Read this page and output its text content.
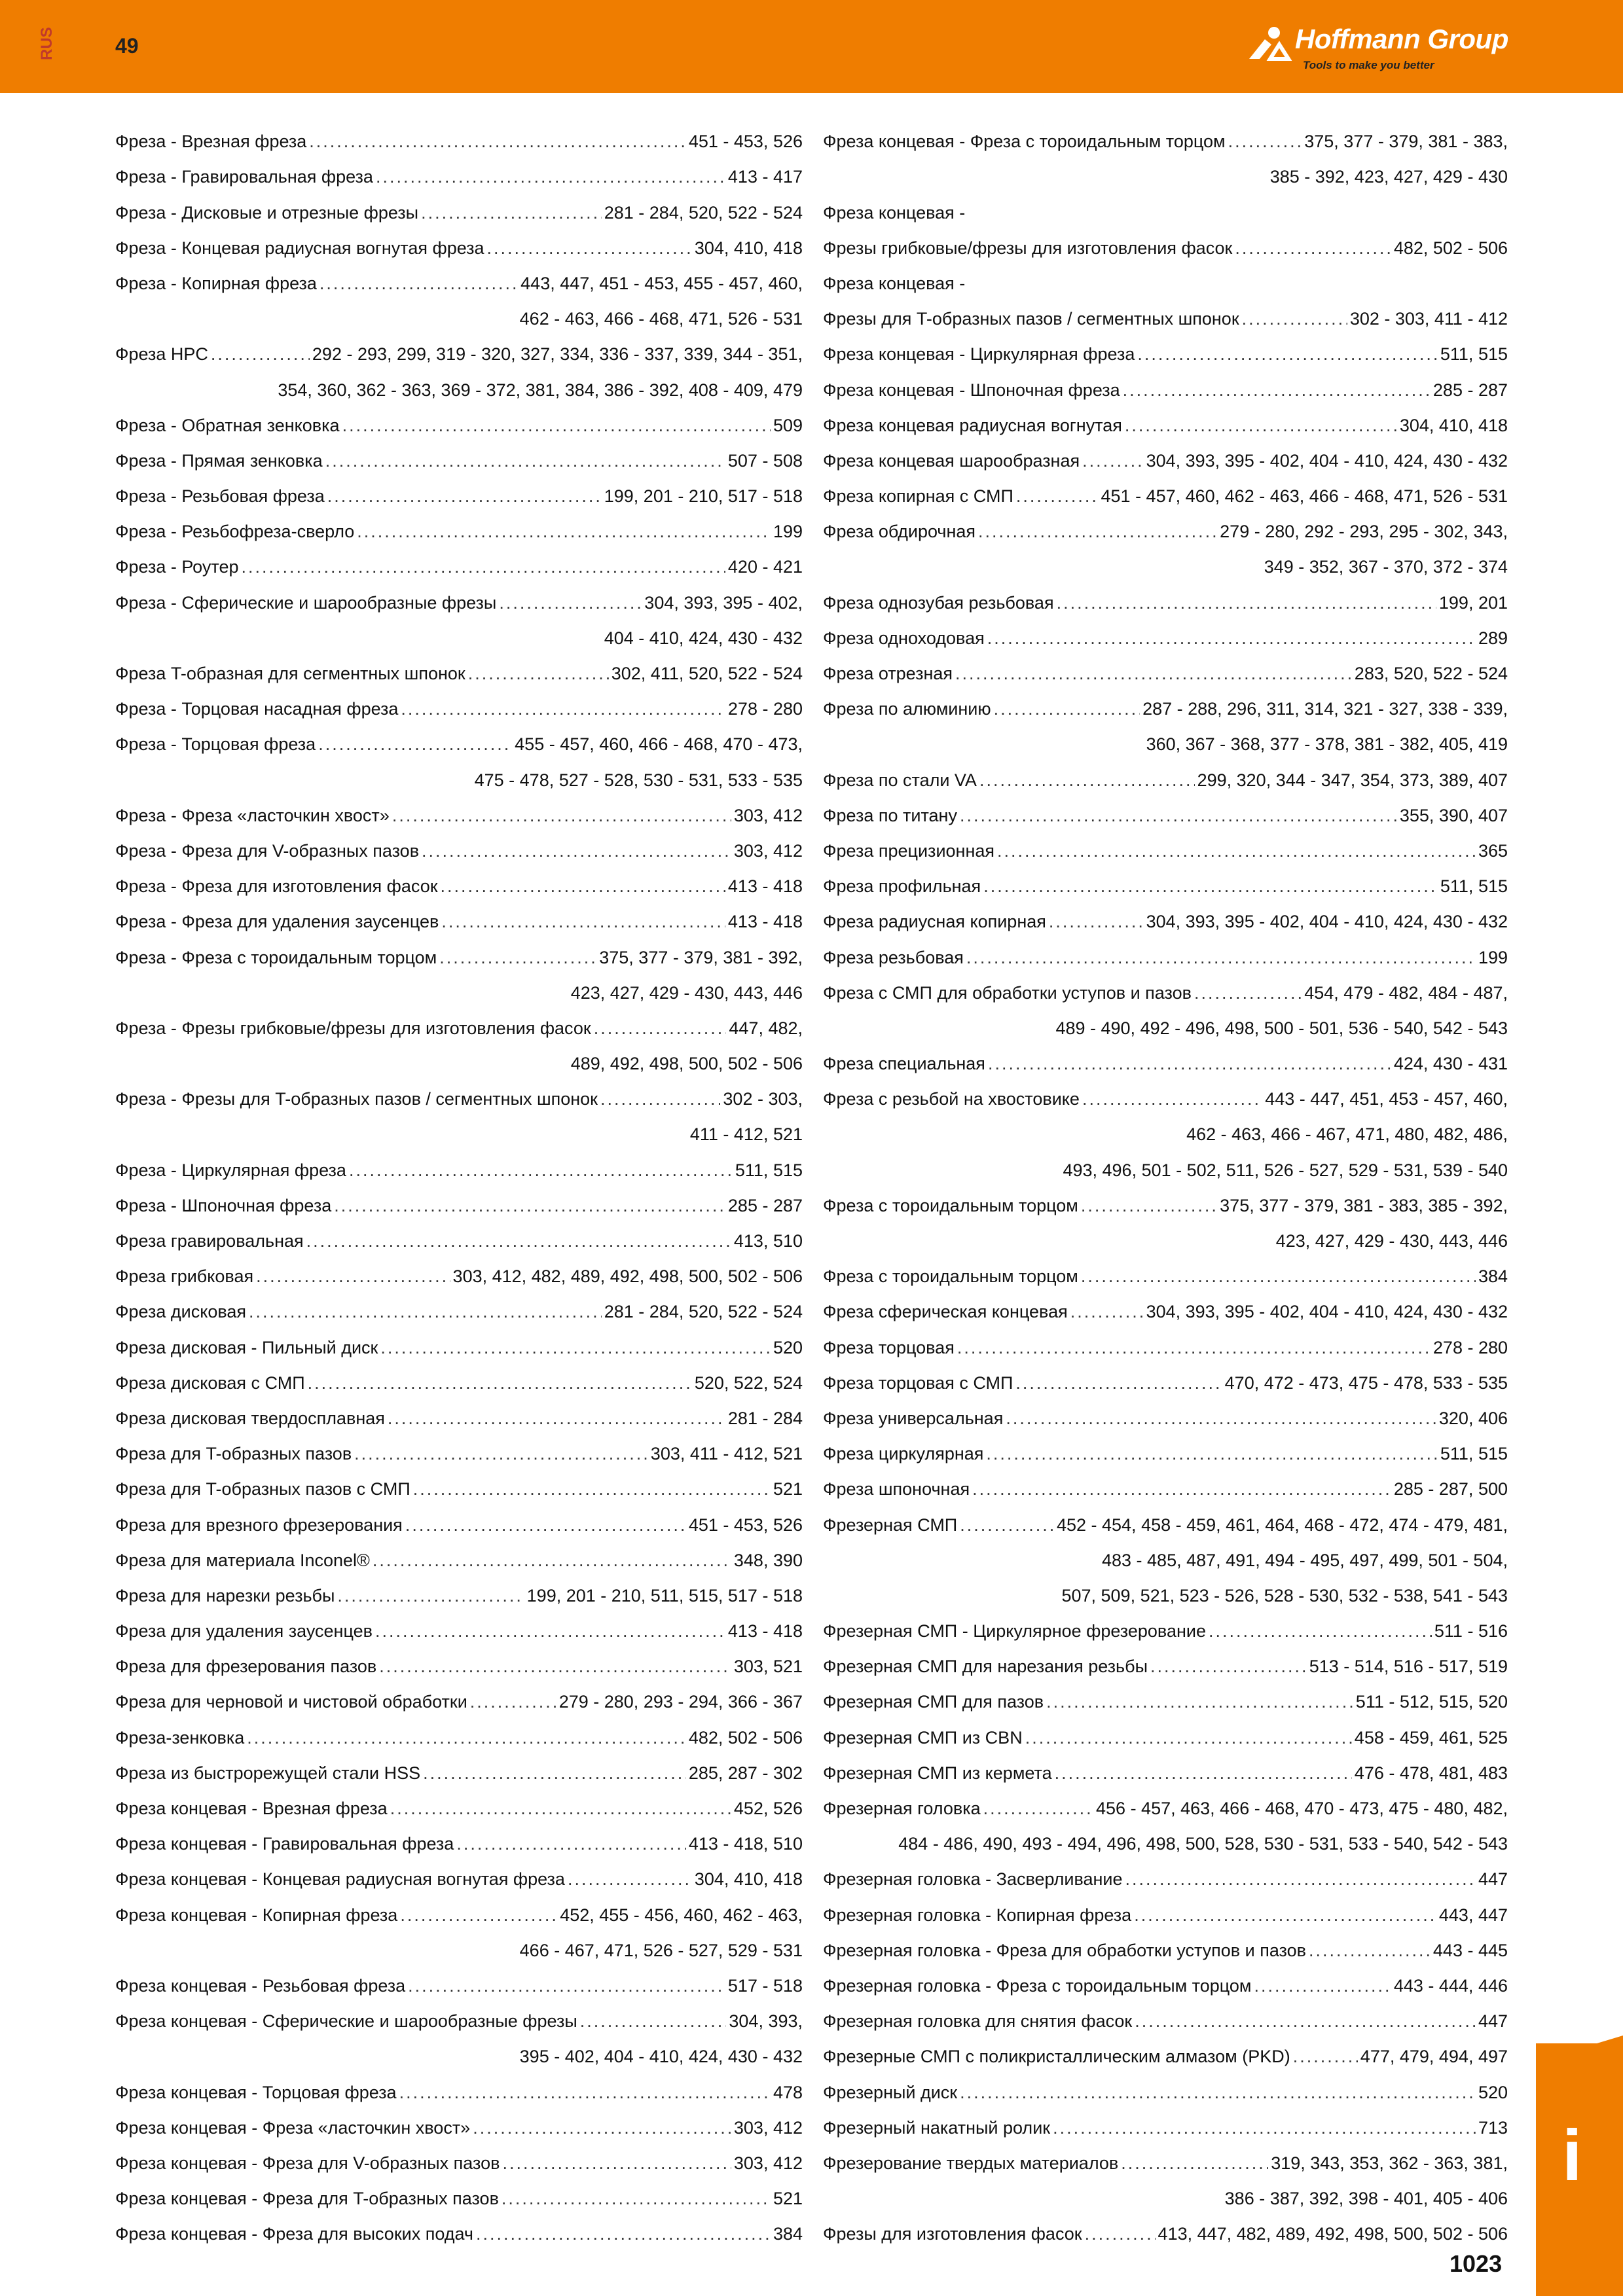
RUS	49	Hoffmann Group
Tools to make you better
Фреза - Врезная фреза .....	451 - 453, 526
Фреза - Гравировальная фреза .....	413 - 417
Фреза - Дисковые и отрезные фрезы .....	281 - 284, 520, 522 - 524
Фреза - Концевая радиусная вогнутая фреза .....	304, 410, 418
Фреза - Копирная фреза .....	443, 447, 451 - 453, 455 - 457, 460,
462 - 463, 466 - 468, 471, 526 - 531
Фреза HPC .....	292 - 293, 299, 319 - 320, 327, 334, 336 - 337, 339, 344 - 351,
354, 360, 362 - 363, 369 - 372, 381, 384, 386 - 392, 408 - 409, 479
Фреза - Обратная зенковка .....	509
Фреза - Прямая зенковка .....	507 - 508
Фреза - Резьбовая фреза .....	199, 201 - 210, 517 - 518
Фреза - Резьбофреза-сверло .....	199
Фреза - Роутер .....	420 - 421
Фреза - Сферические и шарообразные фрезы .....	304, 393, 395 - 402,
404 - 410, 424, 430 - 432
Фреза T-образная для сегментных шпонок .....	302, 411, 520, 522 - 524
Фреза - Торцовая насадная фреза .....	278 - 280
Фреза - Торцовая фреза .....	455 - 457, 460, 466 - 468, 470 - 473,
475 - 478, 527 - 528, 530 - 531, 533 - 535
Фреза - Фреза «ласточкин хвост» .....	303, 412
Фреза - Фреза для V-образных пазов .....	303, 412
Фреза - Фреза для изготовления фасок .....	413 - 418
Фреза - Фреза для удаления заусенцев .....	413 - 418
Фреза - Фреза с тороидальным торцом .....	375, 377 - 379, 381 - 392,
423, 427, 429 - 430, 443, 446
Фреза - Фрезы грибковые/фрезы для изготовления фасок .....	447, 482,
489, 492, 498, 500, 502 - 506
Фреза - Фрезы для T-образных пазов / сегментных шпонок .....	302 - 303,
411 - 412, 521
Фреза - Циркулярная фреза .....	511, 515
Фреза - Шпоночная фреза .....	285 - 287
Фреза гравировальная .....	413, 510
Фреза грибковая .....	303, 412, 482, 489, 492, 498, 500, 502 - 506
Фреза дисковая .....	281 - 284, 520, 522 - 524
Фреза дисковая - Пильный диск .....	520
Фреза дисковая с СМП .....	520, 522, 524
Фреза дисковая твердосплавная .....	281 - 284
Фреза для T-образных пазов .....	303, 411 - 412, 521
Фреза для T-образных пазов с СМП .....	521
Фреза для врезного фрезерования .....	451 - 453, 526
Фреза для материала Inconel® .....	348, 390
Фреза для нарезки резьбы .....	199, 201 - 210, 511, 515, 517 - 518
Фреза для удаления заусенцев .....	413 - 418
Фреза для фрезерования пазов .....	303, 521
Фреза для черновой и чистовой обработки .....	279 - 280, 293 - 294, 366 - 367
Фреза-зенковка .....	482, 502 - 506
Фреза из быстрорежущей стали HSS .....	285, 287 - 302
Фреза концевая - Врезная фреза .....	452, 526
Фреза концевая - Гравировальная фреза .....	413 - 418, 510
Фреза концевая - Концевая радиусная вогнутая фреза .....	304, 410, 418
Фреза концевая - Копирная фреза .....	452, 455 - 456, 460, 462 - 463,
466 - 467, 471, 526 - 527, 529 - 531
Фреза концевая - Резьбовая фреза .....	517 - 518
Фреза концевая - Сферические и шарообразные фрезы .....	304, 393,
395 - 402, 404 - 410, 424, 430 - 432
Фреза концевая - Торцовая фреза .....	478
Фреза концевая - Фреза «ласточкин хвост» .....	303, 412
Фреза концевая - Фреза для V-образных пазов .....	303, 412
Фреза концевая - Фреза для T-образных пазов .....	521
Фреза концевая - Фреза для высоких подач .....	384
Фреза концевая - Фреза с тороидальным торцом .....	375, 377 - 379, 381 - 383,
385 - 392, 423, 427, 429 - 430
Фреза концевая -
Фрезы грибковые/фрезы для изготовления фасок .....	482, 502 - 506
Фреза концевая -
Фрезы для T-образных пазов / сегментных шпонок .....	302 - 303, 411 - 412
Фреза концевая - Циркулярная фреза .....	511, 515
Фреза концевая - Шпоночная фреза .....	285 - 287
Фреза концевая радиусная вогнутая .....	304, 410, 418
Фреза концевая шарообразная .....	304, 393, 395 - 402, 404 - 410, 424, 430 - 432
Фреза копирная с СМП .....	451 - 457, 460, 462 - 463, 466 - 468, 471, 526 - 531
Фреза обдирочная .....	279 - 280, 292 - 293, 295 - 302, 343,
349 - 352, 367 - 370, 372 - 374
Фреза однозубая резьбовая .....	199, 201
Фреза одноходовая .....	289
Фреза отрезная .....	283, 520, 522 - 524
Фреза по алюминию .....	287 - 288, 296, 311, 314, 321 - 327, 338 - 339,
360, 367 - 368, 377 - 378, 381 - 382, 405, 419
Фреза по стали VA .....	299, 320, 344 - 347, 354, 373, 389, 407
Фреза по титану .....	355, 390, 407
Фреза прецизионная .....	365
Фреза профильная .....	511, 515
Фреза радиусная копирная .....	304, 393, 395 - 402, 404 - 410, 424, 430 - 432
Фреза резьбовая .....	199
Фреза с СМП для обработки уступов и пазов .....	454, 479 - 482, 484 - 487,
489 - 490, 492 - 496, 498, 500 - 501, 536 - 540, 542 - 543
Фреза специальная .....	424, 430 - 431
Фреза с резьбой на хвостовике .....	443 - 447, 451, 453 - 457, 460,
462 - 463, 466 - 467, 471, 480, 482, 486,
493, 496, 501 - 502, 511, 526 - 527, 529 - 531, 539 - 540
Фреза с тороидальным торцом .....	375, 377 - 379, 381 - 383, 385 - 392,
423, 427, 429 - 430, 443, 446
Фреза с тороидальным торцом .....	384
Фреза сферическая концевая .....	304, 393, 395 - 402, 404 - 410, 424, 430 - 432
Фреза торцовая .....	278 - 280
Фреза торцовая с СМП .....	470, 472 - 473, 475 - 478, 533 - 535
Фреза универсальная .....	320, 406
Фреза циркулярная .....	511, 515
Фреза шпоночная .....	285 - 287, 500
Фрезерная СМП .....	452 - 454, 458 - 459, 461, 464, 468 - 472, 474 - 479, 481,
483 - 485, 487, 491, 494 - 495, 497, 499, 501 - 504,
507, 509, 521, 523 - 526, 528 - 530, 532 - 538, 541 - 543
Фрезерная СМП - Циркулярное фрезерование .....	511 - 516
Фрезерная СМП для нарезания резьбы .....	513 - 514, 516 - 517, 519
Фрезерная СМП для пазов .....	511 - 512, 515, 520
Фрезерная СМП из CBN .....	458 - 459, 461, 525
Фрезерная СМП из кермета .....	476 - 478, 481, 483
Фрезерная головка .....	456 - 457, 463, 466 - 468, 470 - 473, 475 - 480, 482,
484 - 486, 490, 493 - 494, 496, 498, 500, 528, 530 - 531, 533 - 540, 542 - 543
Фрезерная головка - Засверливание .....	447
Фрезерная головка - Копирная фреза .....	443, 447
Фрезерная головка - Фреза для обработки уступов и пазов .....	443 - 445
Фрезерная головка - Фреза с тороидальным торцом .....	443 - 444, 446
Фрезерная головка для снятия фасок .....	447
Фрезерные СМП с поликристаллическим алмазом (PKD) .....	477, 479, 494, 497
Фрезерный диск .....	520
Фрезерный накатный ролик .....	713
Фрезерование твердых материалов .....	319, 343, 353, 362 - 363, 381,
386 - 387, 392, 398 - 401, 405 - 406
Фрезы для изготовления фасок .....	413, 447, 482, 489, 492, 498, 500, 502 - 506
i
1023
